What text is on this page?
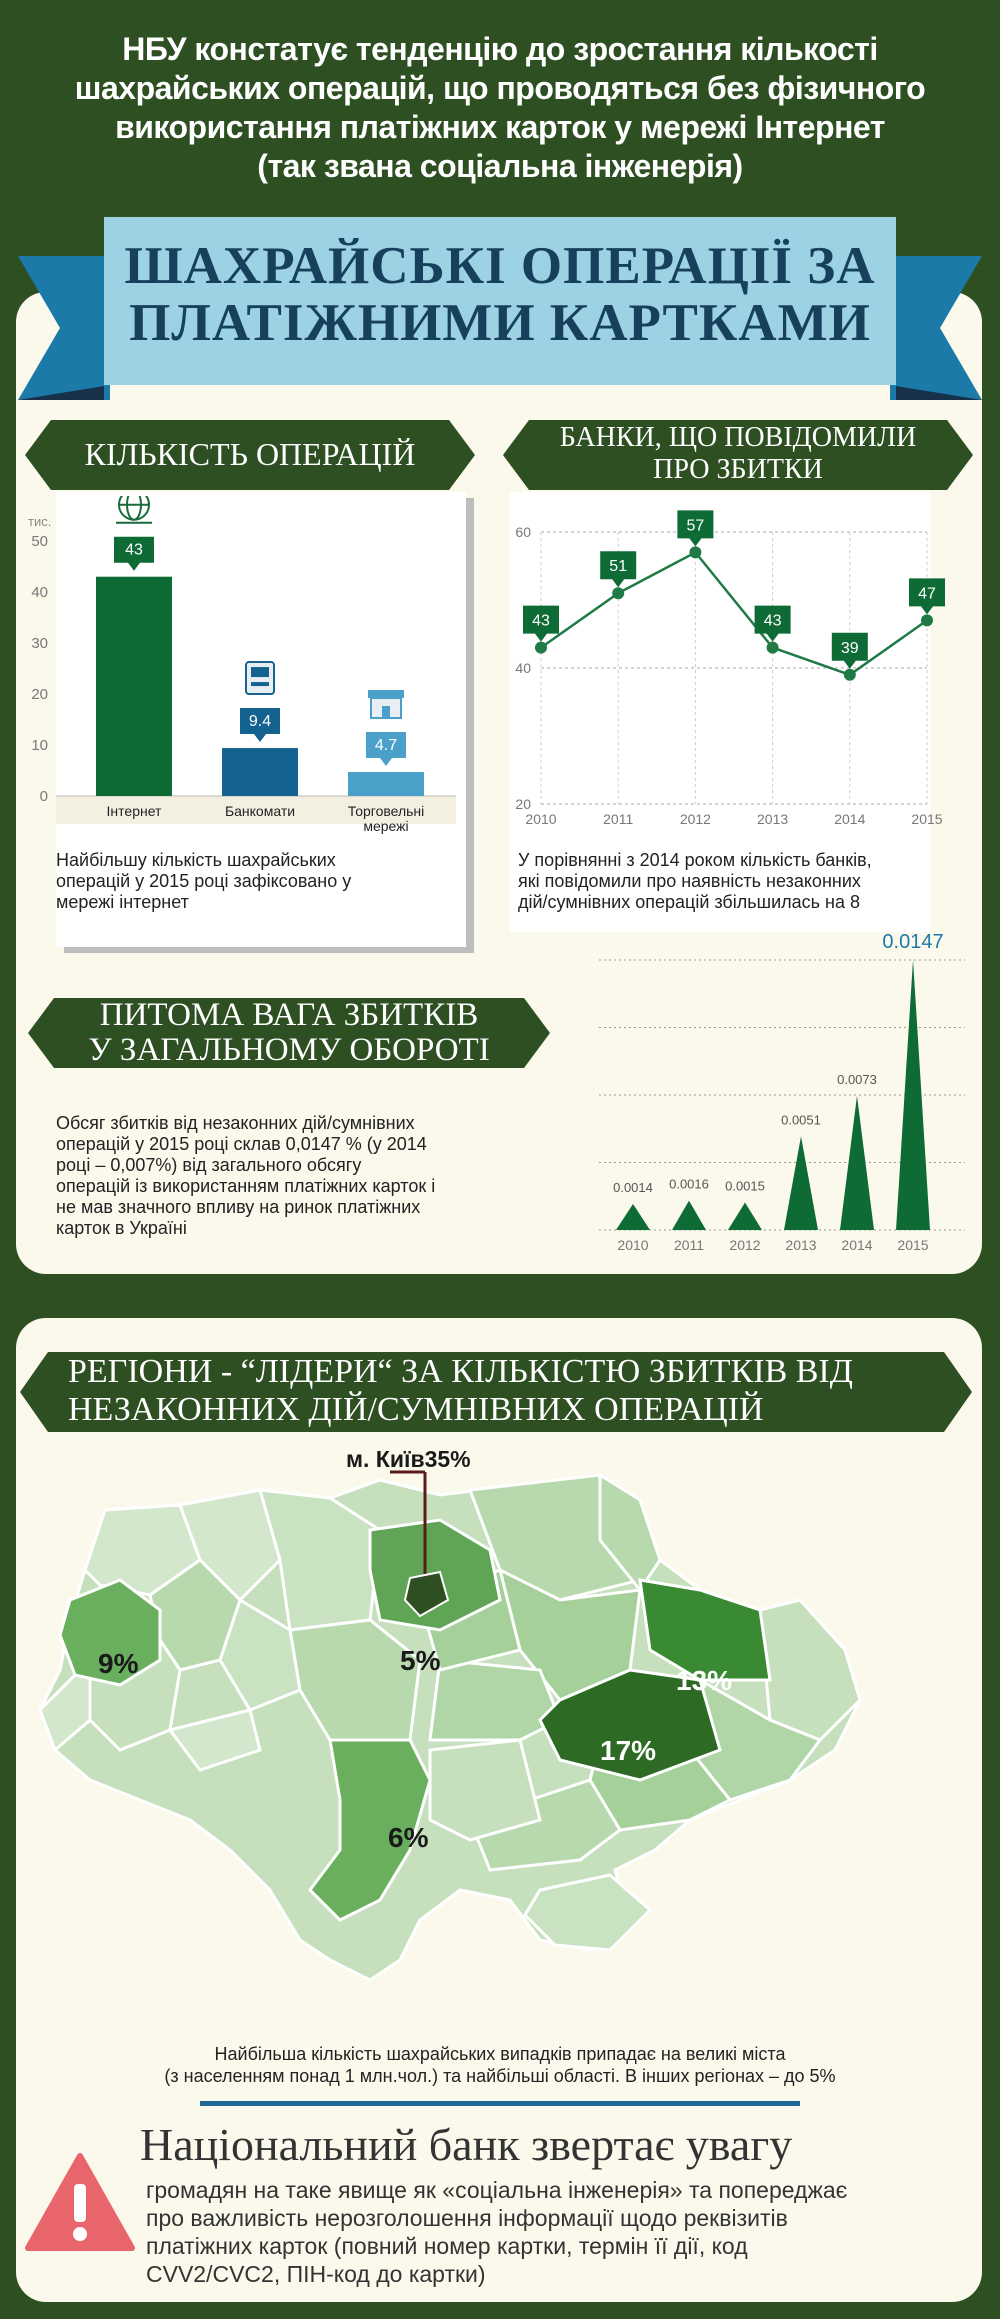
НБУ констатує тенденцію до зростання кількості
шахрайських операцій, що проводяться без фізичного
використання платіжних карток у мережі Інтернет
(так звана соціальна інженерія)
ШАХРАЙСЬКІ ОПЕРАЦІЇ ЗА
ПЛАТІЖНИМИ КАРТКАМИ
КІЛЬКІСТЬ ОПЕРАЦІЙ	БАНКИ, ЩО ПОВІДОМИЛИ
ПРО ЗБИТКИ
тис.
0
10
20
30
40
50
43
Інтернет
9.4
Банкомати
4.7
Торговельні
мережі
Найбільшу кількість шахрайських
операцій у 2015 році зафіксовано у
мережі інтернет
20
40
60
2010	2011	2012	2013	2014	2015
43
51
57
43
39
47
У порівнянні з 2014 роком кількість банків,
які повідомили про наявність незаконних
дій/сумнівних операцій збільшилась на 8
ПИТОМА ВАГА ЗБИТКІВ
У ЗАГАЛЬНОМУ ОБОРОТІ
Обсяг збитків від незаконних дій/сумнівних
операцій у 2015 році склав 0,0147 % (у 2014
році – 0,007%) від загального обсягу
операцій із використанням платіжних карток і
не мав значного впливу на ринок платіжних
карток в Україні
0.0014
2010
0.0016
2011
0.0015
2012
0.0051
2013
0.0073
2014
0.0147
2015
РЕГІОНИ - “ЛІДЕРИ“ ЗА КІЛЬКІСТЮ ЗБИТКІВ ВІД
НЕЗАКОННИХ ДІЙ/СУМНІВНИХ ОПЕРАЦІЙ
м. Київ35%
9%	5%
13%
17%
6%
Найбільша кількість шахрайських випадків припадає на великі міста
(з населенням понад 1 млн.чол.) та найбільші області. В інших регіонах – до 5%
Національний банк звертає увагу
громадян на таке явище як «соціальна інженерія» та попереджає
про важливість нерозголошення інформації щодо реквізитів
платіжних карток (повний номер картки, термін її дії, код
CVV2/CVC2, ПІН-код до картки)
